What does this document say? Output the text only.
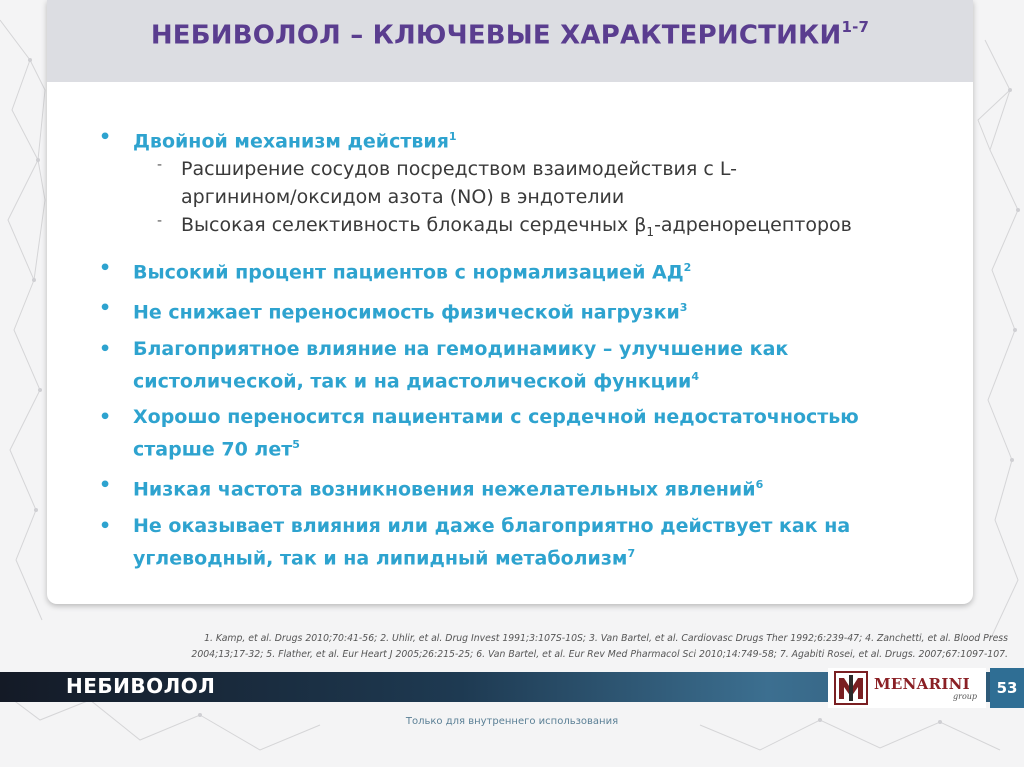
НЕБИВОЛОЛ – КЛЮЧЕВЫЕ ХАРАКТЕРИСТИКИ$^{1-7}$
•	Двойной механизм действия$^1$
- Расширение сосудов посредством взаимодействия с L-
аргинином/оксидом азота (NO) в эндотелии
- Высокая селективность блокады сердечных $\beta_1$-адренорецепторов
•	Высокий процент пациентов с нормализацией $АД^2$
•	Не снижает переносимость физической нагрузки$^3$
•	Благоприятное влияние на гемодинамику – улучшение как
систолической, так и на диастолической функции$^4$
•	Хорошо переносится пациентами с сердечной недостаточностью
старше 70 лет$^5$
•	Низкая частота возникновения нежелательных явлений$^6$
•	Не оказывает влияния или даже благоприятно действует как на
углеводный, так и на липидный метаболизм$^7$
1. Kamp, et al. Drugs 2010;70:41-56; 2. Uhlir, et al. Drug Invest 1991;3:107S-10S; 3. Van Bartel, et al. Cardiovasc Drugs Ther 1992;6:239-47; 4. Zanchetti, et al. Blood Press
2004;13;17-32; 5. Flather, et al. Eur Heart J 2005;26:215-25; 6. Van Bartel, et al. Eur Rev Med Pharmacol Sci 2010;14:749-58; 7. Agabiti Rosei, et al. Drugs. 2007;67:1097-107.
НЕБИВОЛОЛ	MENARINI
group	53
Только для внутреннего использования
